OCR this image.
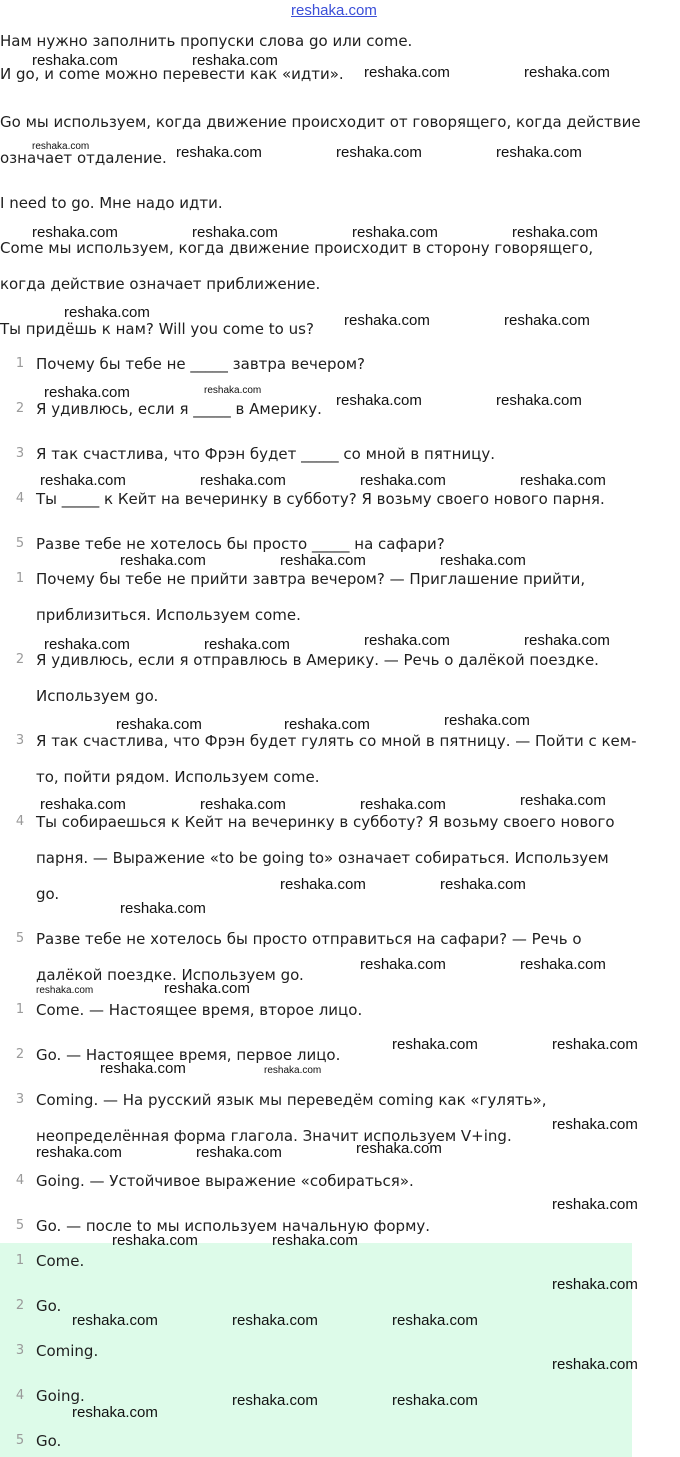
reshaka.com
Нам нужно заполнить пропуски слова go или come.
И go, и come можно перевести как «идти».
Go мы используем, когда движение происходит от говорящего, когда действие
означает отдаление.
I need to go. Мне надо идти.
Come мы используем, когда движение происходит в сторону говорящего,
когда действие означает приближение.
Ты придёшь к нам? Will you come to us?
1 Почему бы тебе не _____ завтра вечером?
2 Я удивлюсь, если я _____ в Америку.
3 Я так счастлива, что Фрэн будет _____ со мной в пятницу.
4 Ты _____ к Кейт на вечеринку в субботу? Я возьму своего нового парня.
5 Разве тебе не хотелось бы просто _____ на сафари?
1 Почему бы тебе не прийти завтра вечером? — Приглашение прийти,
приблизиться. Используем come.
2 Я удивлюсь, если я отправлюсь в Америку. — Речь о далёкой поездке.
Используем go.
3 Я так счастлива, что Фрэн будет гулять со мной в пятницу. — Пойти с кем-
то, пойти рядом. Используем come.
4 Ты собираешься к Кейт на вечеринку в субботу? Я возьму своего нового
парня. — Выражение «to be going to» означает собираться. Используем
go.
5 Разве тебе не хотелось бы просто отправиться на сафари? — Речь о
далёкой поездке. Используем go.
1 Come. — Настоящее время, второе лицо.
2 Go. — Настоящее время, первое лицо.
3 Coming. — На русский язык мы переведём coming как «гулять»,
неопределённая форма глагола. Значит используем V+ing.
4 Going. — Устойчивое выражение «собираться».
5 Go. — после to мы используем начальную форму.
1 Come.
2 Go.
3 Coming.
4 Going.
5 Go.
reshaka.com	reshaka.com
reshaka.com	reshaka.com
reshaka.com	reshaka.com	reshaka.com	reshaka.com
reshaka.com	reshaka.com	reshaka.com	reshaka.com
reshaka.com	reshaka.com	reshaka.com
reshaka.com	reshaka.com
reshaka.com	reshaka.com
reshaka.com	reshaka.com	reshaka.com	reshaka.com
reshaka.com	reshaka.com	reshaka.com
reshaka.com	reshaka.com	reshaka.com	reshaka.com
reshaka.com	reshaka.com	reshaka.com
reshaka.com	reshaka.com	reshaka.com	reshaka.com
reshaka.com	reshaka.com
reshaka.com
reshaka.com	reshaka.com
reshaka.com	reshaka.com
reshaka.com	reshaka.com
reshaka.com	reshaka.com
reshaka.com
reshaka.com
reshaka.com	reshaka.com
reshaka.com
reshaka.com	reshaka.com
reshaka.com
reshaka.com	reshaka.com	reshaka.com
reshaka.com
reshaka.com	reshaka.com
reshaka.com
